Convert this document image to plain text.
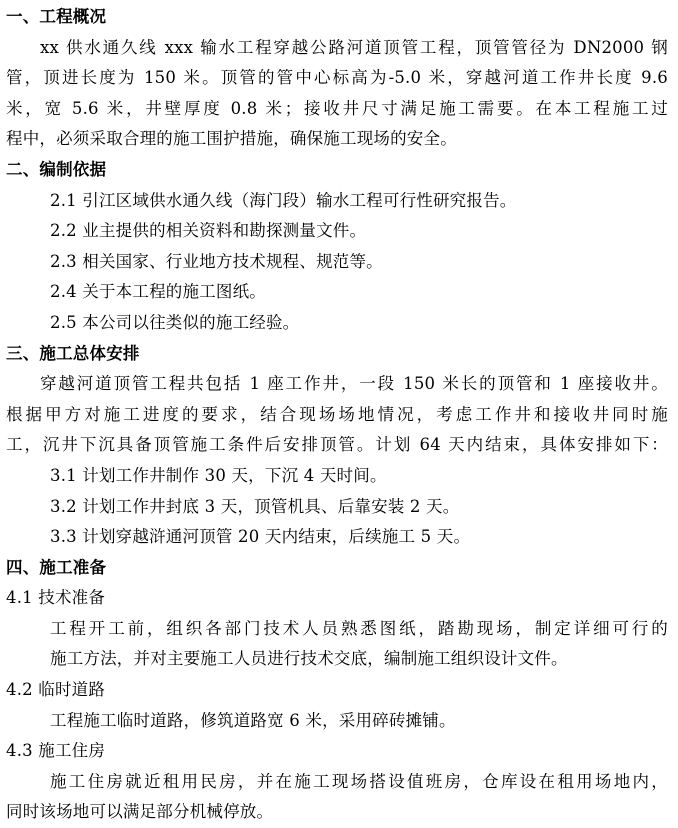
一、工程概况
xx 供水通久线 xxx 输水工程穿越公路河道顶管工程，顶管管径为 DN2000 钢
管，顶进长度为 150 米。顶管的管中心标高为-5.0 米，穿越河道工作井长度 9.6
米，宽 5.6 米，井壁厚度 0.8 米；接收井尺寸满足施工需要。在本工程施工过
程中，必须采取合理的施工围护措施，确保施工现场的安全。
二、编制依据
2.1 引江区域供水通久线（海门段）输水工程可行性研究报告。
2.2 业主提供的相关资料和勘探测量文件。
2.3 相关国家、行业地方技术规程、规范等。
2.4 关于本工程的施工图纸。
2.5 本公司以往类似的施工经验。
三、施工总体安排
穿越河道顶管工程共包括 1 座工作井，一段 150 米长的顶管和 1 座接收井。
根据甲方对施工进度的要求，结合现场场地情况，考虑工作井和接收井同时施
工，沉井下沉具备顶管施工条件后安排顶管。计划 64 天内结束，具体安排如下：
3.1 计划工作井制作 30 天，下沉 4 天时间。
3.2 计划工作井封底 3 天，顶管机具、后靠安装 2 天。
3.3 计划穿越浒通河顶管 20 天内结束，后续施工 5 天。
四、施工准备
4.1 技术准备
工程开工前，组织各部门技术人员熟悉图纸，踏勘现场，制定详细可行的
施工方法，并对主要施工人员进行技术交底，编制施工组织设计文件。
4.2 临时道路
工程施工临时道路，修筑道路宽 6 米，采用碎砖摊铺。
4.3 施工住房
施工住房就近租用民房，并在施工现场搭设值班房，仓库设在租用场地内，
同时该场地可以满足部分机械停放。
